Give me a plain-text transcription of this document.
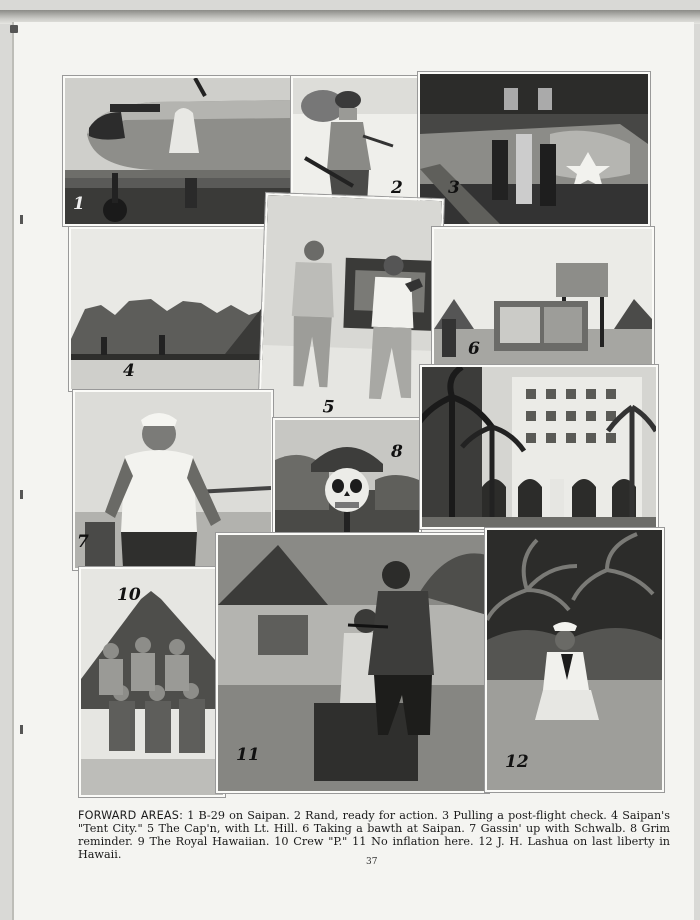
1
2	3
4
5
6
7
8
10
11	12

FORWARD AREAS: 1 B-29 on Saipan. 2 Rand, ready for action. 3 Pulling a post-flight check. 4 Saipan's "Tent City." 5 The Cap'n, with Lt. Hill. 6 Taking a bawth at Saipan. 7 Gassin' up with Schwalb. 8 Grim reminder. 9 The Royal Hawaiian. 10 Crew "P." 11 No inflation here. 12 J. H. Lashua on last liberty in Hawaii.

37
